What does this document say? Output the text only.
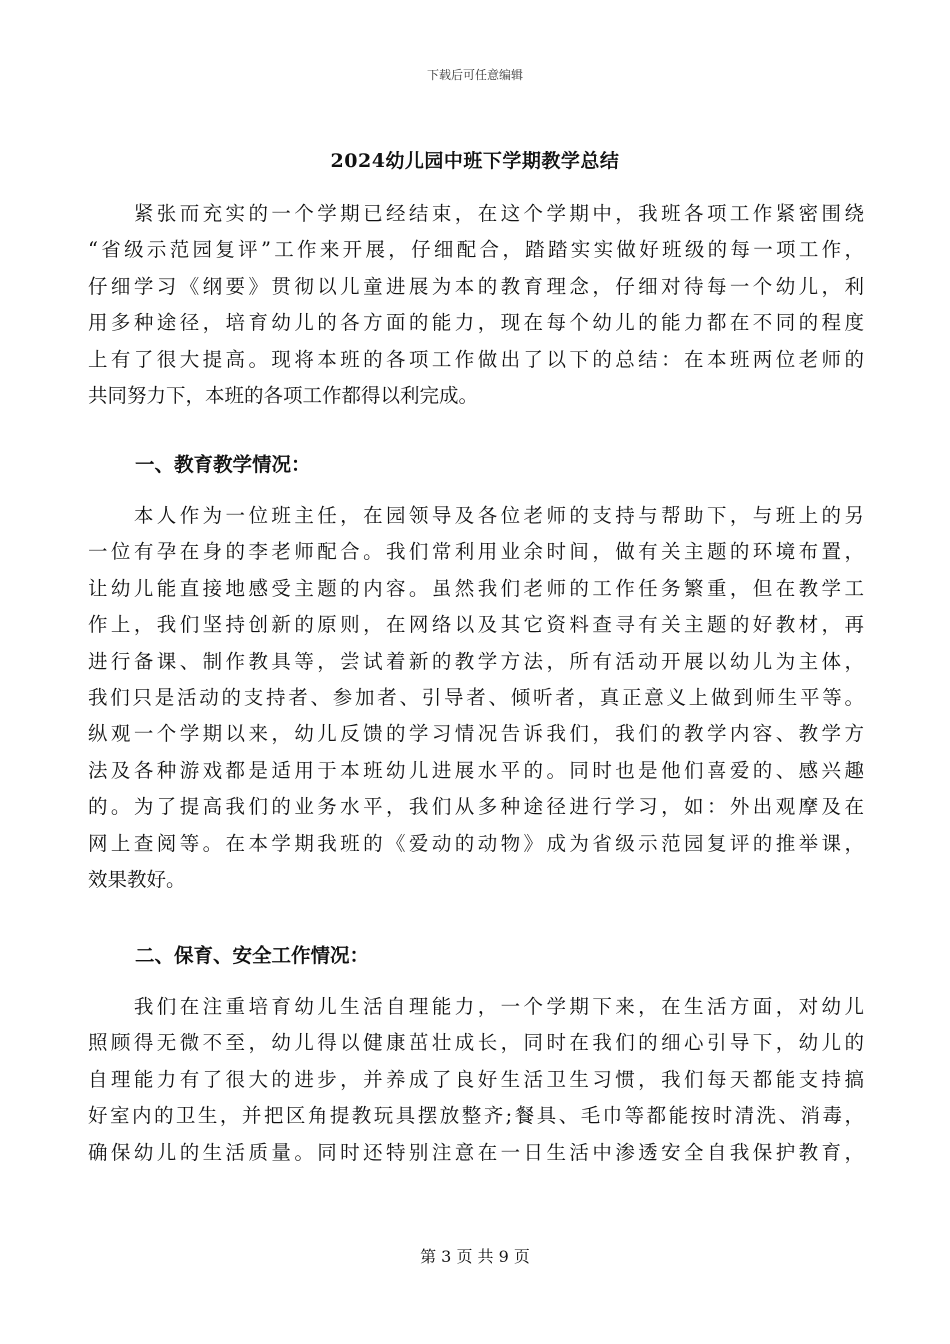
下载后可任意编辑
2024幼儿园中班下学期教学总结
　　紧张而充实的一个学期已经结束，在这个学期中，我班各项工作紧密围绕
“省级示范园复评”工作来开展，仔细配合，踏踏实实做好班级的每一项工作，
仔细学习《纲要》贯彻以儿童进展为本的教育理念，仔细对待每一个幼儿，利
用多种途径，培育幼儿的各方面的能力，现在每个幼儿的能力都在不同的程度
上有了很大提高。现将本班的各项工作做出了以下的总结：在本班两位老师的
共同努力下，本班的各项工作都得以利完成。
一、教育教学情况：
　　本人作为一位班主任，在园领导及各位老师的支持与帮助下，与班上的另
一位有孕在身的李老师配合。我们常利用业余时间，做有关主题的环境布置，
让幼儿能直接地感受主题的内容。虽然我们老师的工作任务繁重，但在教学工
作上，我们坚持创新的原则，在网络以及其它资料查寻有关主题的好教材，再
进行备课、制作教具等，尝试着新的教学方法，所有活动开展以幼儿为主体，
我们只是活动的支持者、参加者、引导者、倾听者，真正意义上做到师生平等。
纵观一个学期以来，幼儿反馈的学习情况告诉我们，我们的教学内容、教学方
法及各种游戏都是适用于本班幼儿进展水平的。同时也是他们喜爱的、感兴趣
的。为了提高我们的业务水平，我们从多种途径进行学习，如：外出观摩及在
网上查阅等。在本学期我班的《爱动的动物》成为省级示范园复评的推举课，
效果教好。
二、保育、安全工作情况：
　　我们在注重培育幼儿生活自理能力，一个学期下来，在生活方面，对幼儿
照顾得无微不至，幼儿得以健康茁壮成长，同时在我们的细心引导下，幼儿的
自理能力有了很大的进步，并养成了良好生活卫生习惯，我们每天都能支持搞
好室内的卫生，并把区角提教玩具摆放整齐;餐具、毛巾等都能按时清洗、消毒，
确保幼儿的生活质量。同时还特别注意在一日生活中渗透安全自我保护教育，
第 3 页 共 9 页
